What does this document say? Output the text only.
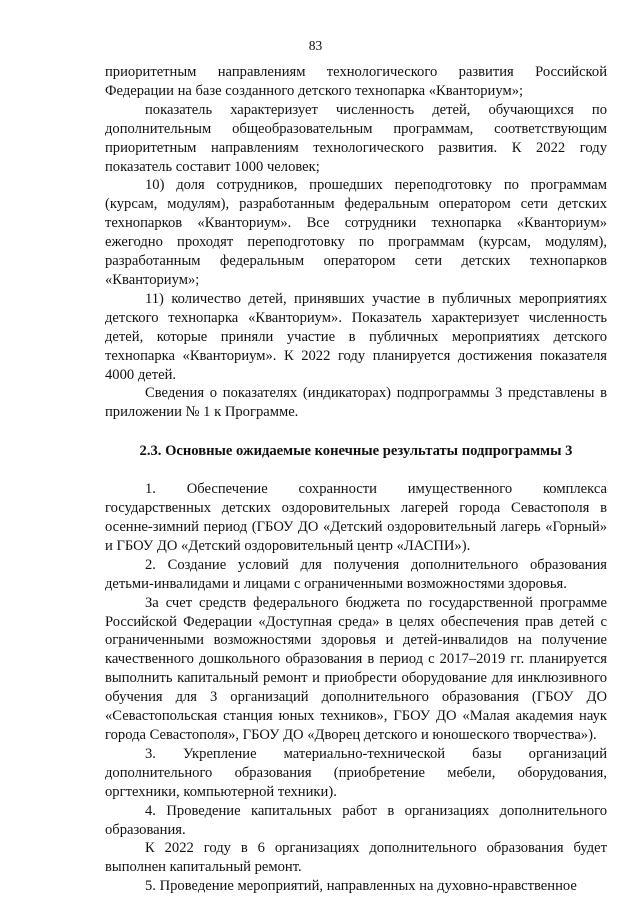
83

приоритетным направлениям технологического развития Российской Федерации на базе созданного детского технопарка «Кванториум»;

показатель характеризует численность детей, обучающихся по дополнительным общеобразовательным программам, соответствующим приоритетным направлениям технологического развития. К 2022 году показатель составит 1000 человек;

10) доля сотрудников, прошедших переподготовку по программам (курсам, модулям), разработанным федеральным оператором сети детских технопарков «Кванториум». Все сотрудники технопарка «Кванториум» ежегодно проходят переподготовку по программам (курсам, модулям), разработанным федеральным оператором сети детских технопарков «Кванториум»;

11) количество детей, принявших участие в публичных мероприятиях детского технопарка «Кванториум». Показатель характеризует численность детей, которые приняли участие в публичных мероприятиях детского технопарка «Кванториум». К 2022 году планируется достижения показателя 4000 детей.

Сведения о показателях (индикаторах) подпрограммы 3 представлены в приложении № 1 к Программе.

2.3. Основные ожидаемые конечные результаты подпрограммы 3

1. Обеспечение сохранности имущественного комплекса государственных детских оздоровительных лагерей города Севастополя в осенне-зимний период (ГБОУ ДО «Детский оздоровительный лагерь «Горный» и ГБОУ ДО «Детский оздоровительный центр «ЛАСПИ»).

2. Создание условий для получения дополнительного образования детьми-инвалидами и лицами с ограниченными возможностями здоровья.

За счет средств федерального бюджета по государственной программе Российской Федерации «Доступная среда» в целях обеспечения прав детей с ограниченными возможностями здоровья и детей-инвалидов на получение качественного дошкольного образования в период с 2017–2019 гг. планируется выполнить капитальный ремонт и приобрести оборудование для инклюзивного обучения для 3 организаций дополнительного образования (ГБОУ ДО «Севастопольская станция юных техников», ГБОУ ДО «Малая академия наук города Севастополя», ГБОУ ДО «Дворец детского и юношеского творчества»).

3. Укрепление материально-технической базы организаций дополнительного образования (приобретение мебели, оборудования, оргтехники, компьютерной техники).

4. Проведение капитальных работ в организациях дополнительного образования.

К 2022 году в 6 организациях дополнительного образования будет выполнен капитальный ремонт.

5. Проведение мероприятий, направленных на духовно-нравственное
